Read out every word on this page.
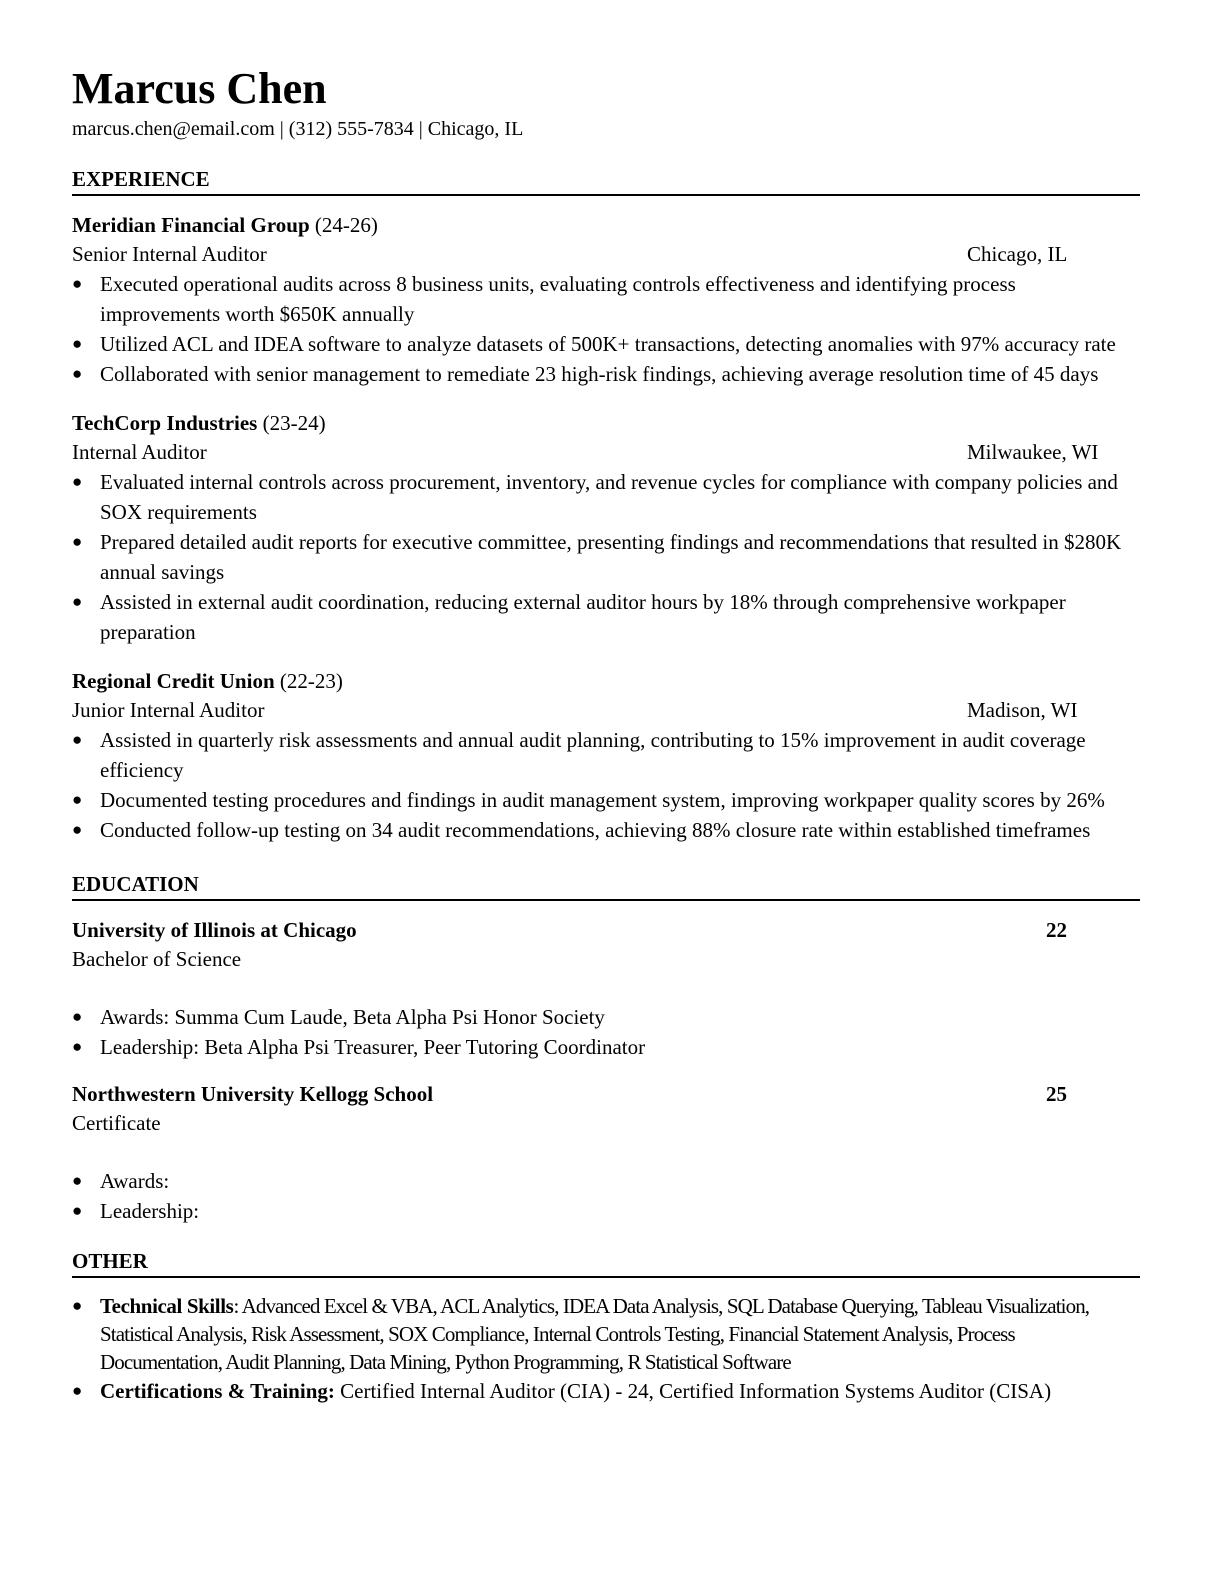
Marcus Chen
marcus.chen@email.com | (312) 555-7834 | Chicago, IL
EXPERIENCE
Meridian Financial Group (24-26)
Senior Internal Auditor	Chicago, IL
● Executed operational audits across 8 business units, evaluating controls effectiveness and identifying process improvements worth $650K annually
● Utilized ACL and IDEA software to analyze datasets of 500K+ transactions, detecting anomalies with 97% accuracy rate
● Collaborated with senior management to remediate 23 high-risk findings, achieving average resolution time of 45 days
TechCorp Industries (23-24)
Internal Auditor	Milwaukee, WI
● Evaluated internal controls across procurement, inventory, and revenue cycles for compliance with company policies and SOX requirements
● Prepared detailed audit reports for executive committee, presenting findings and recommendations that resulted in $280K annual savings
● Assisted in external audit coordination, reducing external auditor hours by 18% through comprehensive workpaper preparation
Regional Credit Union (22-23)
Junior Internal Auditor	Madison, WI
● Assisted in quarterly risk assessments and annual audit planning, contributing to 15% improvement in audit coverage efficiency
● Documented testing procedures and findings in audit management system, improving workpaper quality scores by 26%
● Conducted follow-up testing on 34 audit recommendations, achieving 88% closure rate within established timeframes
EDUCATION
University of Illinois at Chicago	22
Bachelor of Science
● Awards: Summa Cum Laude, Beta Alpha Psi Honor Society
● Leadership: Beta Alpha Psi Treasurer, Peer Tutoring Coordinator
Northwestern University Kellogg School	25
Certificate
● Awards:
● Leadership:
OTHER
● Technical Skills: Advanced Excel & VBA, ACL Analytics, IDEA Data Analysis, SQL Database Querying, Tableau Visualization, Statistical Analysis, Risk Assessment, SOX Compliance, Internal Controls Testing, Financial Statement Analysis, Process Documentation, Audit Planning, Data Mining, Python Programming, R Statistical Software
● Certifications & Training: Certified Internal Auditor (CIA) - 24, Certified Information Systems Auditor (CISA)
